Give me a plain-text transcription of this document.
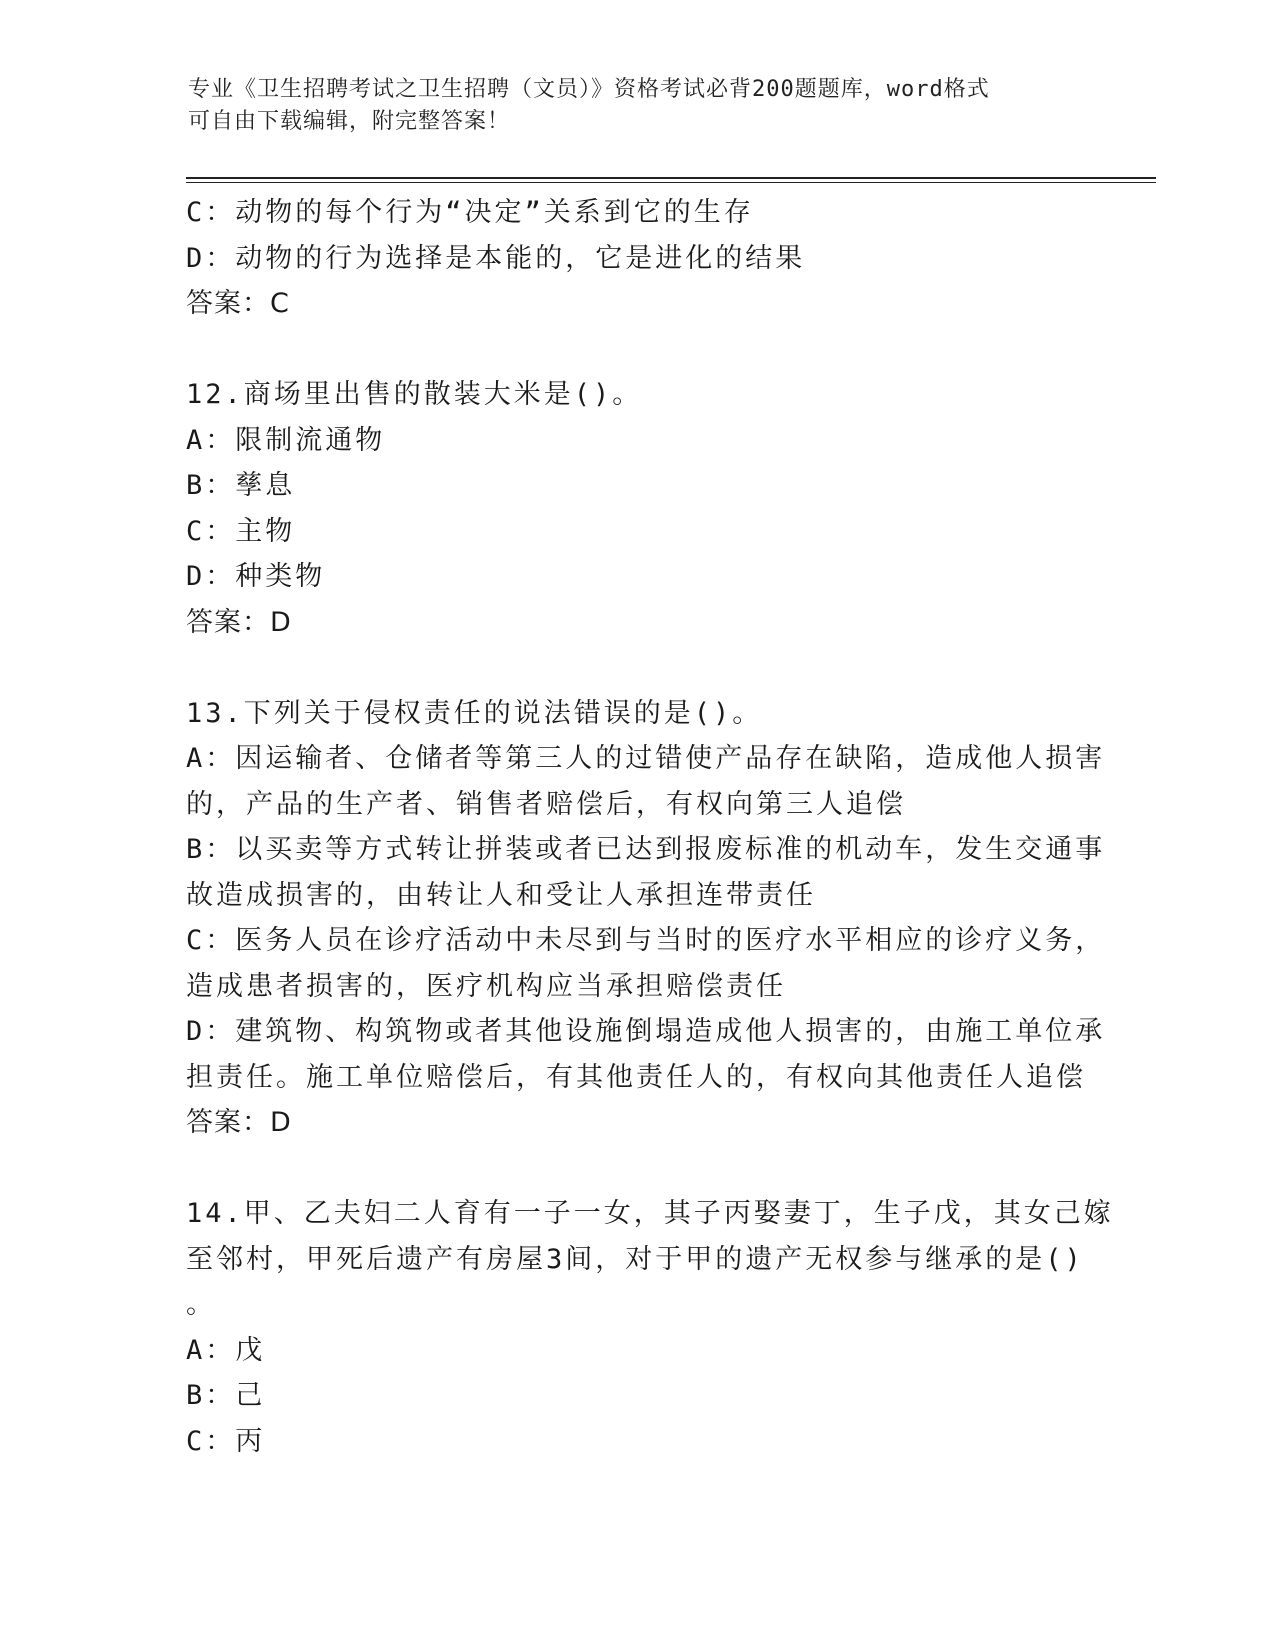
专业《卫生招聘考试之卫生招聘（文员）》资格考试必背200题题库，word格式
可自由下载编辑，附完整答案！
C：动物的每个行为“决定”关系到它的生存
D：动物的行为选择是本能的，它是进化的结果
答案：C
12.商场里出售的散装大米是()。
A：限制流通物
B：孳息
C：主物
D：种类物
答案：D
13.下列关于侵权责任的说法错误的是()。
A：因运输者、仓储者等第三人的过错使产品存在缺陷，造成他人损害
的，产品的生产者、销售者赔偿后，有权向第三人追偿
B：以买卖等方式转让拼装或者已达到报废标准的机动车，发生交通事
故造成损害的，由转让人和受让人承担连带责任
C：医务人员在诊疗活动中未尽到与当时的医疗水平相应的诊疗义务，
造成患者损害的，医疗机构应当承担赔偿责任
D：建筑物、构筑物或者其他设施倒塌造成他人损害的，由施工单位承
担责任。施工单位赔偿后，有其他责任人的，有权向其他责任人追偿
答案：D
14.甲、乙夫妇二人育有一子一女，其子丙娶妻丁，生子戊，其女己嫁
至邻村，甲死后遗产有房屋3间，对于甲的遗产无权参与继承的是()
。
A：戊
B：己
C：丙
